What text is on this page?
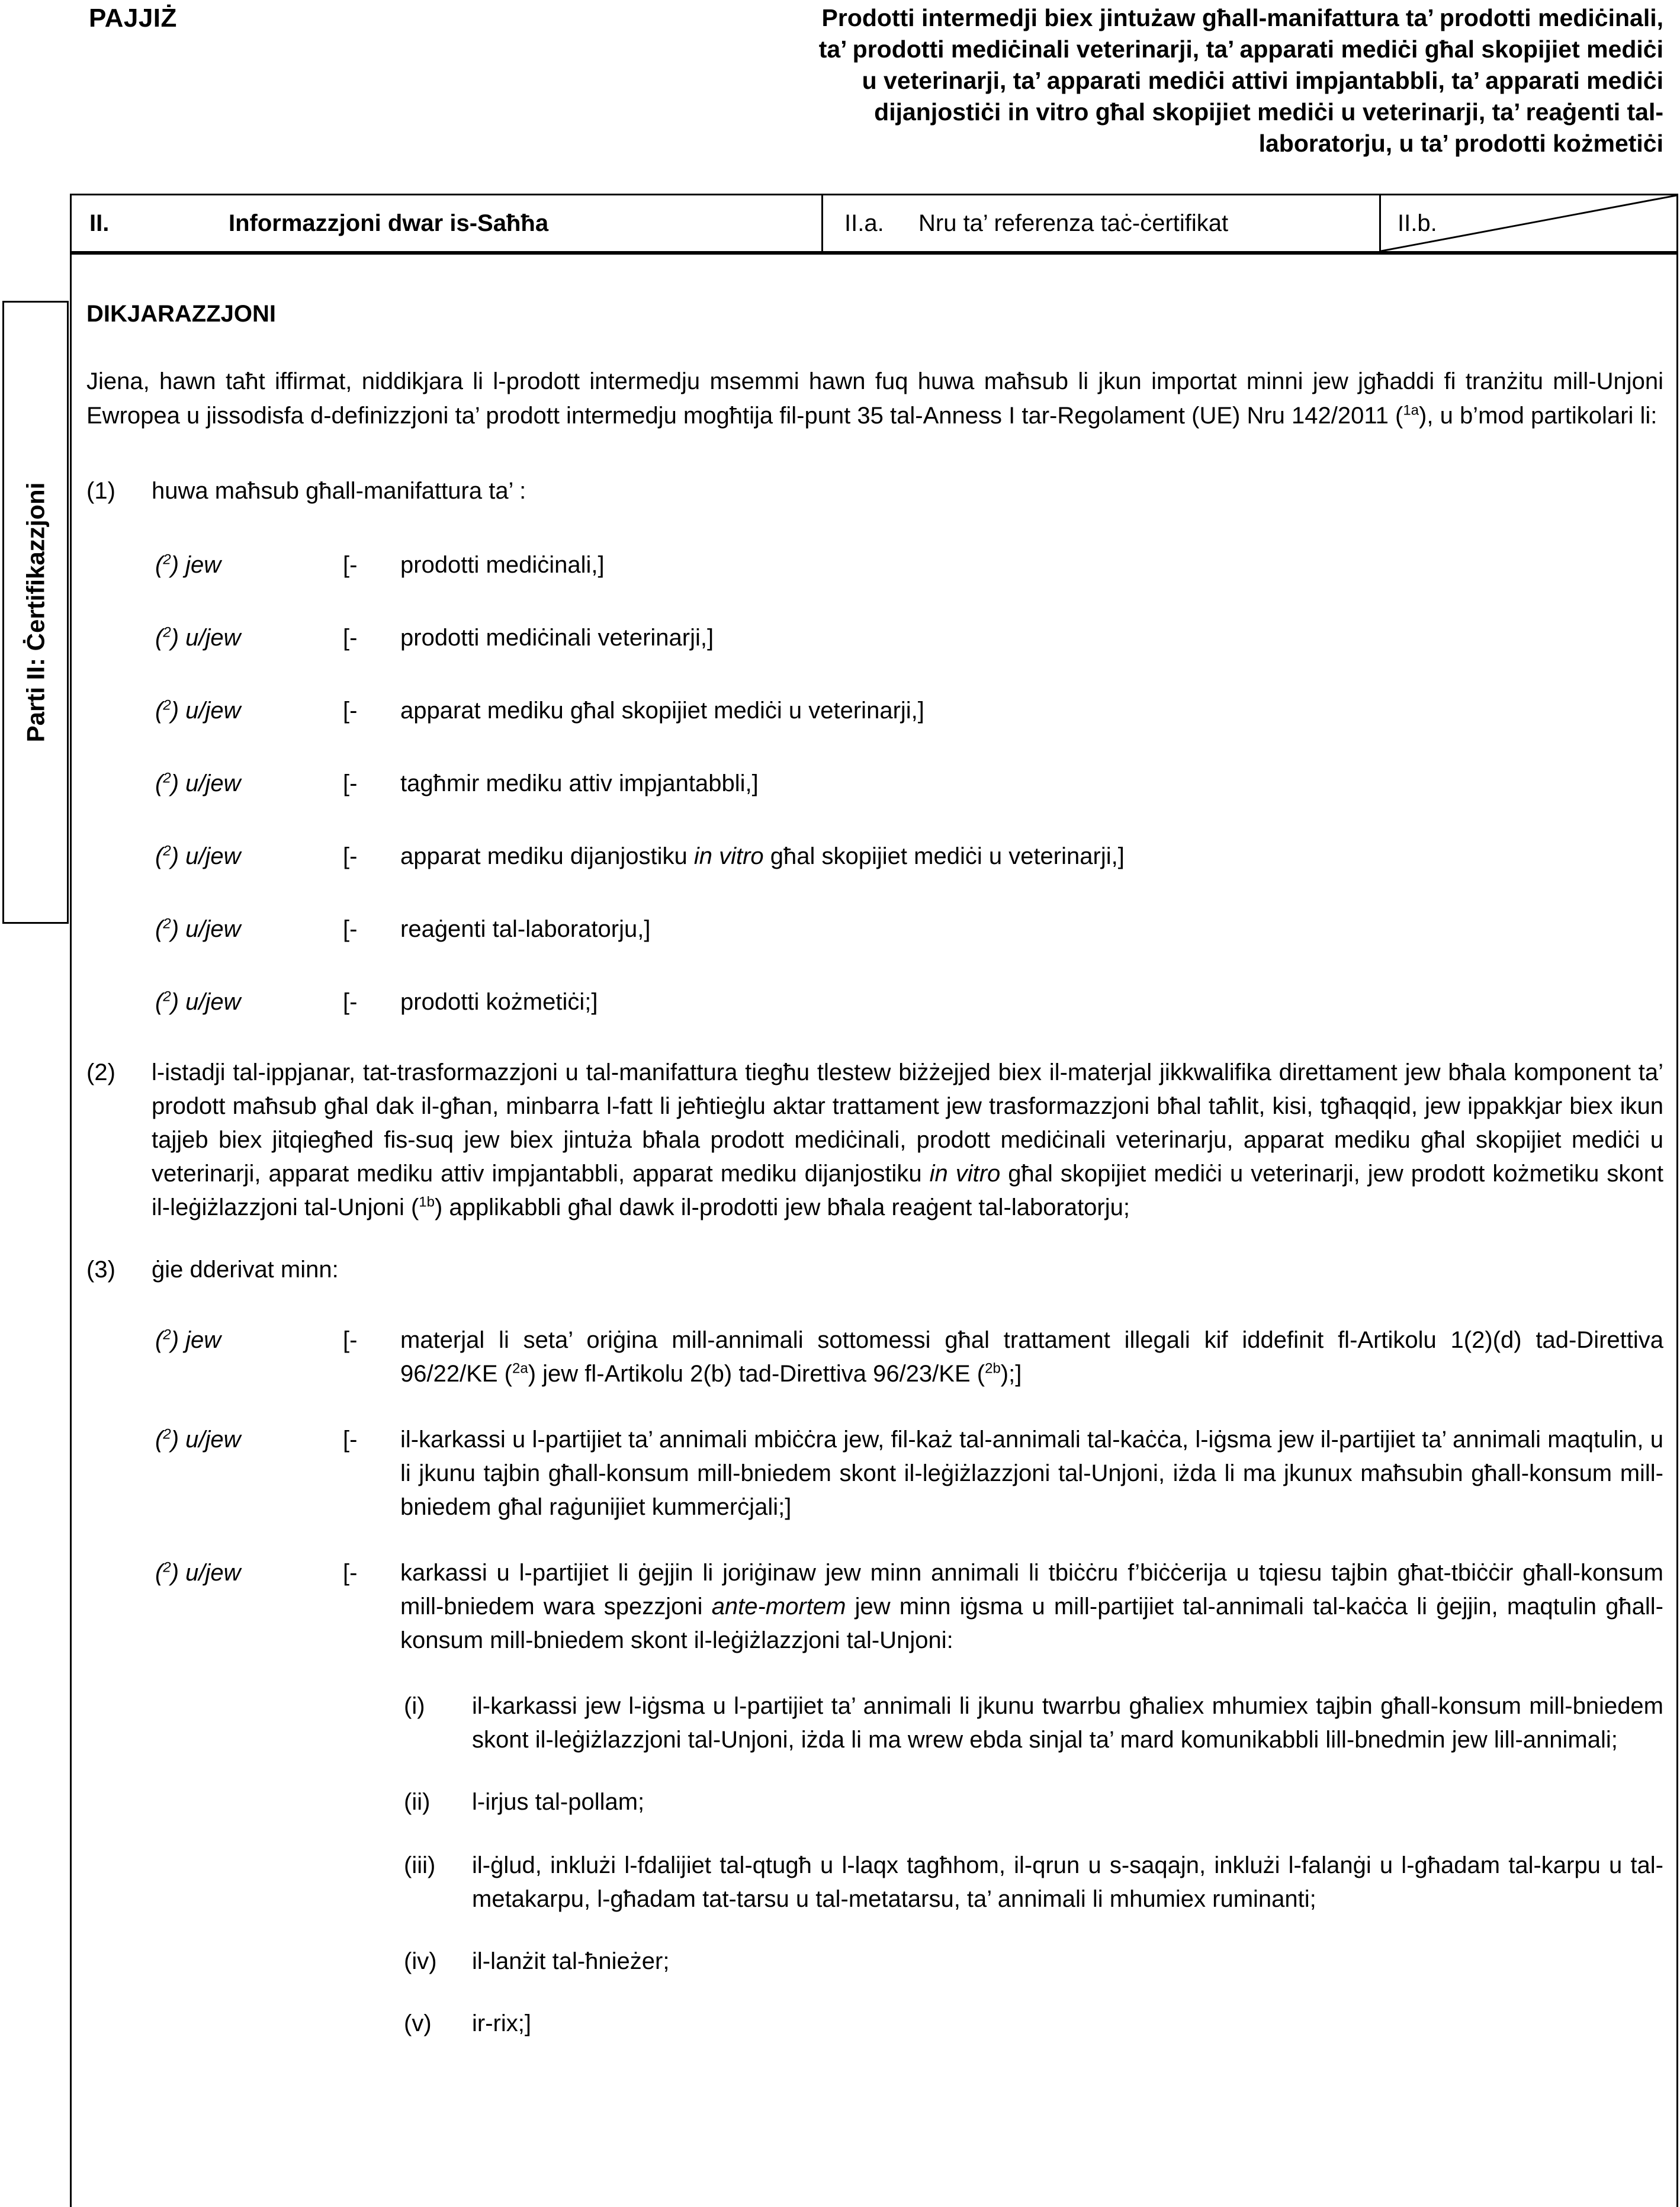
PAJJIŻ	Prodotti intermedji biex jintużaw għall-manifattura ta’ prodotti mediċinali, ta’ prodotti mediċinali veterinarji, ta’ apparati mediċi għal skopijiet mediċi u veterinarji, ta’ apparati mediċi attivi impjantabbli, ta’ apparati mediċi dijanjostiċi in vitro għal skopijiet mediċi u veterinarji, ta’ reaġenti tal-laboratorju, u ta’ prodotti kożmetiċi
II.	Informazzjoni dwar is-Saħħa	II.a.	Nru ta’ referenza taċ-ċertifikat	II.b.
Parti II: Ċertifikazzjoni
DIKJARAZZJONI

Jiena, hawn taħt iffirmat, niddikjara li l-prodott intermedju msemmi hawn fuq huwa maħsub li jkun importat minni jew jgħaddi fi tranżitu mill-Unjoni Ewropea u jissodisfa d-definizzjoni ta’ prodott intermedju mogħtija fil-punt 35 tal-Anness I tar-Regolament (UE) Nru 142/2011 ($^{1a}$), u b’mod partikolari li:

(1)	huwa maħsub għall-manifattura ta’ :
($^2$) jew	[-	prodotti mediċinali,]
($^2$) u/jew	[-	prodotti mediċinali veterinarji,]
($^2$) u/jew	[-	apparat mediku għal skopijiet mediċi u veterinarji,]
($^2$) u/jew	[-	tagħmir mediku attiv impjantabbli,]
($^2$) u/jew	[-	apparat mediku dijanjostiku in vitro għal skopijiet mediċi u veterinarji,]
($^2$) u/jew	[-	reaġenti tal-laboratorju,]
($^2$) u/jew	[-	prodotti kożmetiċi;]
(2)	l-istadji tal-ippjanar, tat-trasformazzjoni u tal-manifattura tiegħu tlestew biżżejjed biex il-materjal jikkwalifika direttament jew bħala komponent ta’ prodott maħsub għal dak il-għan, minbarra l-fatt li jeħtieġlu aktar trattament jew trasformazzjoni bħal taħlit, kisi, tgħaqqid, jew ippakkjar biex ikun tajjeb biex jitqiegħed fis-suq jew biex jintuża bħala prodott mediċinali, prodott mediċinali veterinarju, apparat mediku għal skopijiet mediċi u veterinarji, apparat mediku attiv impjantabbli, apparat mediku dijanjostiku in vitro għal skopijiet mediċi u veterinarji, jew prodott kożmetiku skont il-leġiżlazzjoni tal-Unjoni ($^{1b}$) applikabbli għal dawk il-prodotti jew bħala reaġent tal-laboratorju;
(3)	ġie dderivat minn:
($^2$) jew	[-	materjal li seta’ oriġina mill-annimali sottomessi għal trattament illegali kif iddefinit fl-Artikolu 1(2)(d) tad-Direttiva 96/22/KE ($^{2a}$) jew fl-Artikolu 2(b) tad-Direttiva 96/23/KE ($^{2b}$);]
($^2$) u/jew	[-	il-karkassi u l-partijiet ta’ annimali mbiċċra jew, fil-każ tal-annimali tal-kaċċa, l-iġsma jew il-partijiet ta’ annimali maqtulin, u li jkunu tajbin għall-konsum mill-bniedem skont il-leġiżlazzjoni tal-Unjoni, iżda li ma jkunux maħsubin għall-konsum mill-bniedem għal raġunijiet kummerċjali;]
($^2$) u/jew	[-	karkassi u l-partijiet li ġejjin li joriġinaw jew minn annimali li tbiċċru f’biċċerija u tqiesu tajbin għat-tbiċċir għall-konsum mill-bniedem wara spezzjoni ante-mortem jew minn iġsma u mill-partijiet tal-annimali tal-kaċċa li ġejjin, maqtulin għall-konsum mill-bniedem skont il-leġiżlazzjoni tal-Unjoni:
(i)	il-karkassi jew l-iġsma u l-partijiet ta’ annimali li jkunu twarrbu għaliex mhumiex tajbin għall-konsum mill-bniedem skont il-leġiżlazzjoni tal-Unjoni, iżda li ma wrew ebda sinjal ta’ mard komunikabbli lill-bnedmin jew lill-annimali;
(ii)	l-irjus tal-pollam;
(iii)	il-ġlud, inklużi l-fdalijiet tal-qtugħ u l-laqx tagħhom, il-qrun u s-saqajn, inklużi l-falanġi u l-għadam tal-karpu u tal-metakarpu, l-għadam tat-tarsu u tal-metatarsu, ta’ annimali li mhumiex ruminanti;
(iv)	il-lanżit tal-ħnieżer;
(v)	ir-rix;]
